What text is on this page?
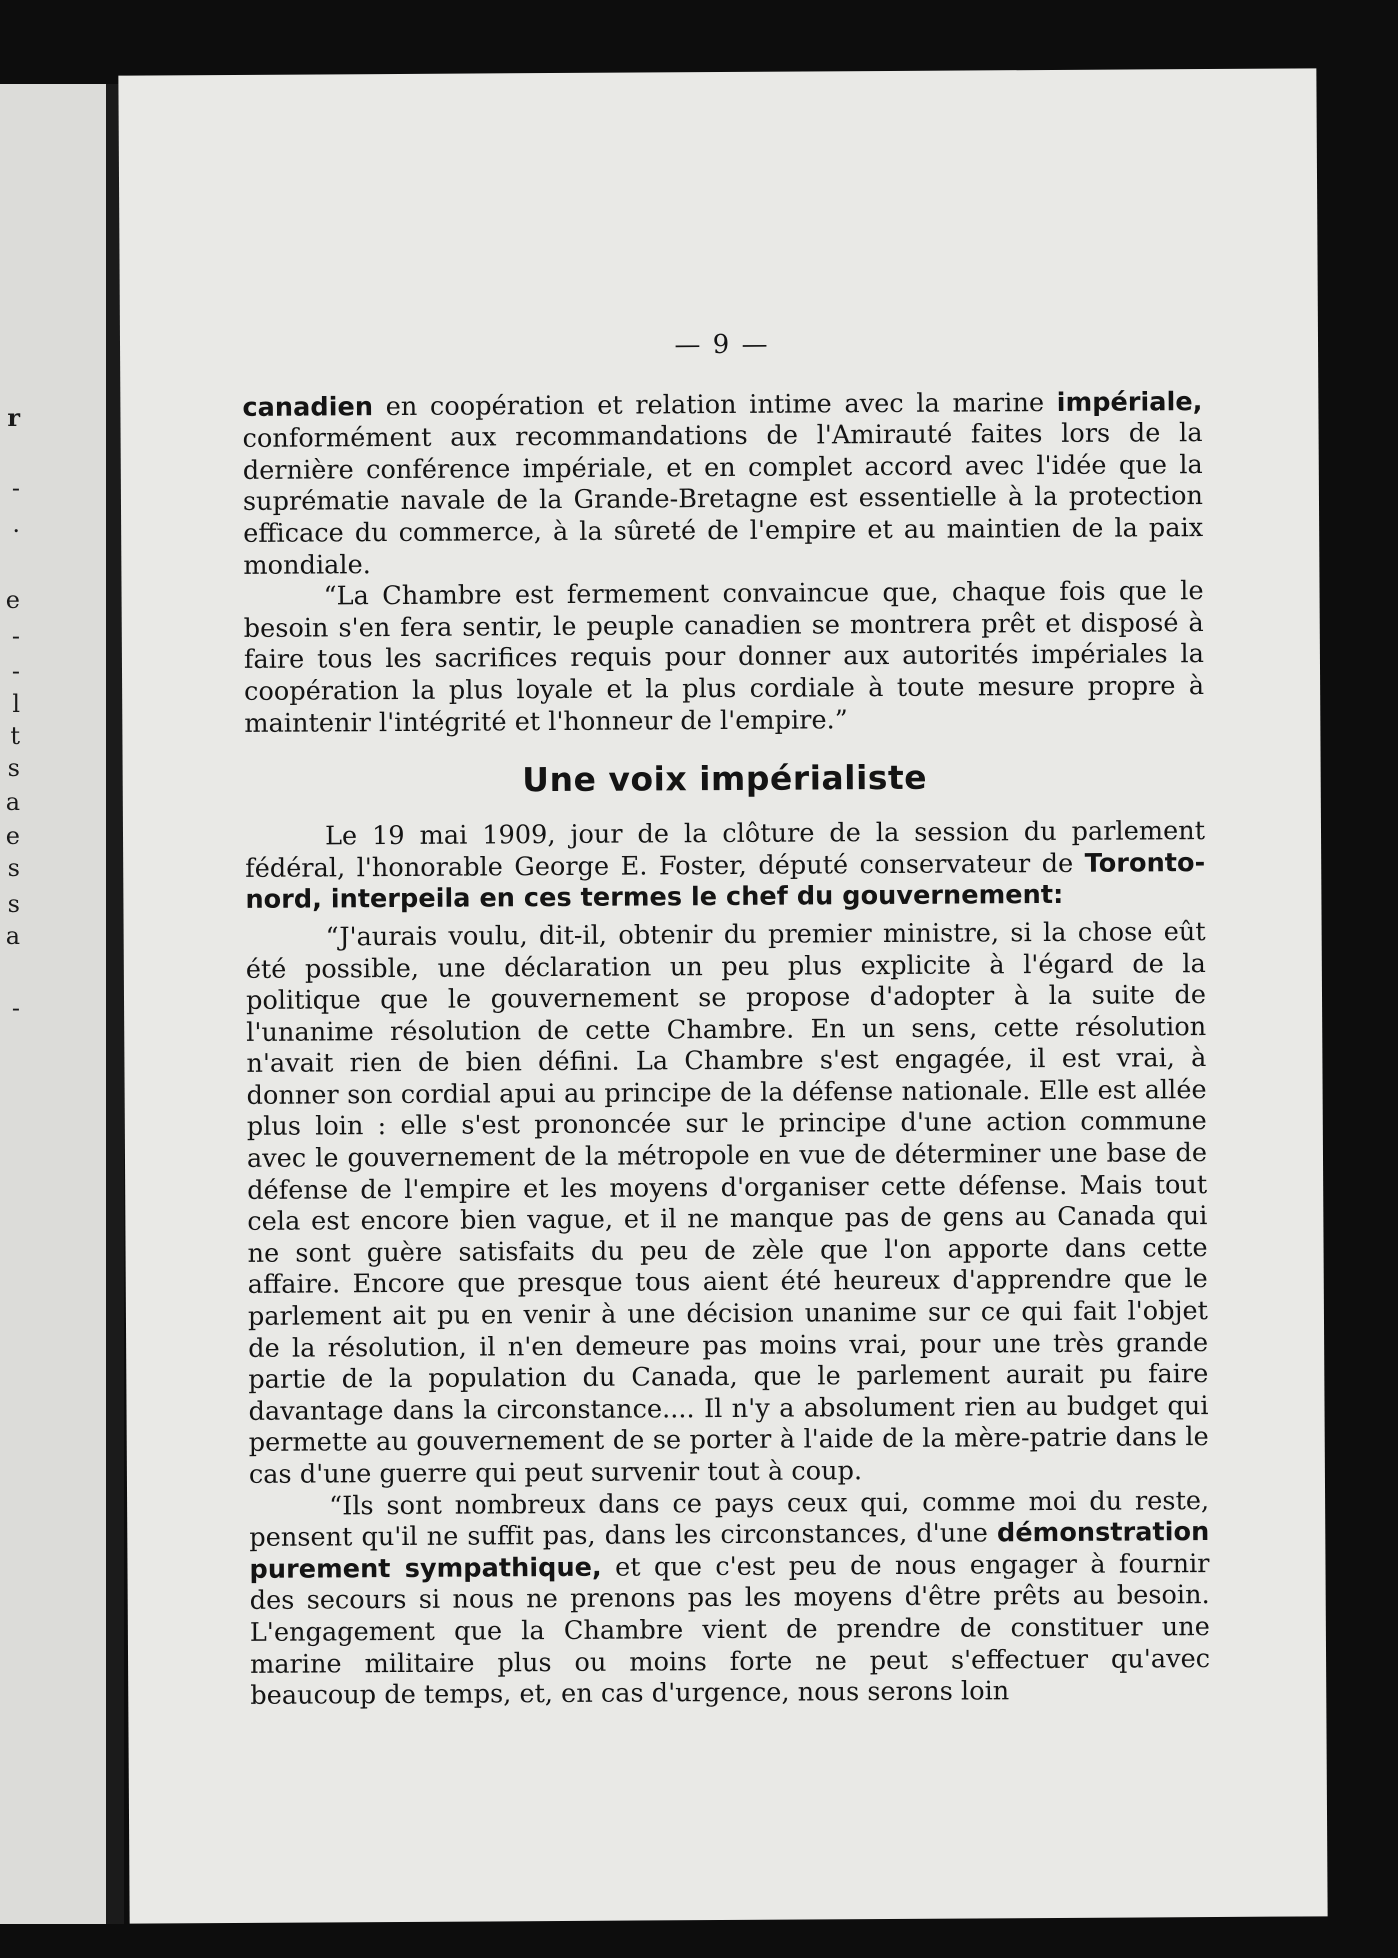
r
-
.
e
-
-
l
t
s
a
e
s
s
a
-

— 9 —

canadien en coopération et relation intime avec la marine impériale, conformément aux recommandations de l'Amirauté faites lors de la dernière conférence impériale, et en complet accord avec l'idée que la suprématie navale de la Grande-Bretagne est essentielle à la protection efficace du commerce, à la sûreté de l'empire et au maintien de la paix mondiale.

“La Chambre est fermement convaincue que, chaque fois que le besoin s'en fera sentir, le peuple canadien se montrera prêt et disposé à faire tous les sacrifices requis pour donner aux autorités impériales la coopération la plus loyale et la plus cordiale à toute mesure propre à maintenir l'intégrité et l'honneur de l'empire.”

Une voix impérialiste

Le 19 mai 1909, jour de la clôture de la session du parlement fédéral, l'honorable George E. Foster, député conservateur de Toronto-nord, interpeila en ces termes le chef du gouvernement:

“J'aurais voulu, dit-il, obtenir du premier ministre, si la chose eût été possible, une déclaration un peu plus explicite à l'égard de la politique que le gouvernement se propose d'adopter à la suite de l'unanime résolution de cette Chambre. En un sens, cette résolution n'avait rien de bien défini. La Chambre s'est engagée, il est vrai, à donner son cordial apui au principe de la défense nationale. Elle est allée plus loin : elle s'est prononcée sur le principe d'une action commune avec le gouvernement de la métropole en vue de déterminer une base de défense de l'empire et les moyens d'organiser cette défense. Mais tout cela est encore bien vague, et il ne manque pas de gens au Canada qui ne sont guère satisfaits du peu de zèle que l'on apporte dans cette affaire. Encore que presque tous aient été heureux d'apprendre que le parlement ait pu en venir à une décision unanime sur ce qui fait l'objet de la résolution, il n'en demeure pas moins vrai, pour une très grande partie de la population du Canada, que le parlement aurait pu faire davantage dans la circonstance.... Il n'y a absolument rien au budget qui permette au gouvernement de se porter à l'aide de la mère-patrie dans le cas d'une guerre qui peut survenir tout à coup.

“Ils sont nombreux dans ce pays ceux qui, comme moi du reste, pensent qu'il ne suffit pas, dans les circonstances, d'une démonstration purement sympathique, et que c'est peu de nous engager à fournir des secours si nous ne prenons pas les moyens d'être prêts au besoin. L'engagement que la Chambre vient de prendre de constituer une marine militaire plus ou moins forte ne peut s'effectuer qu'avec beaucoup de temps, et, en cas d'urgence, nous serons loin
